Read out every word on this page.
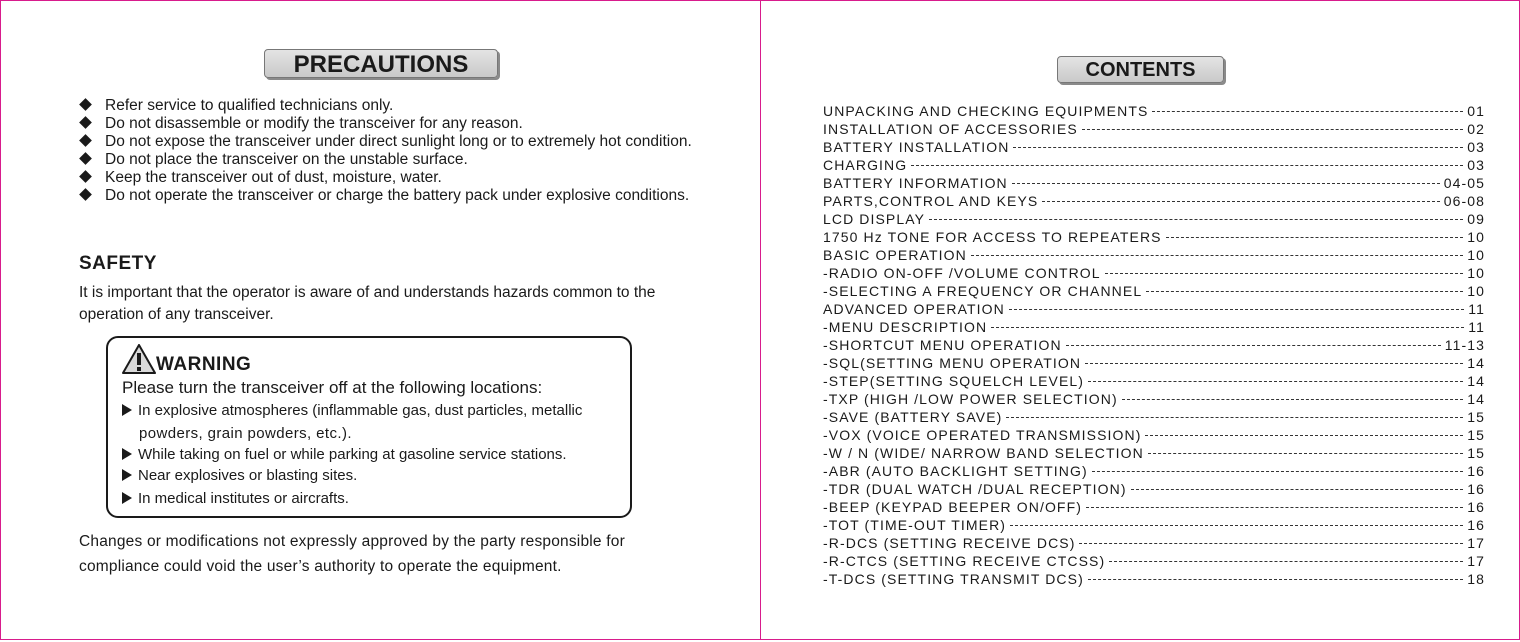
PRECAUTIONS
Refer service to qualified technicians only.
Do not disassemble or modify the transceiver for any reason.
Do not expose the transceiver under direct sunlight long or to extremely hot condition.
Do not place the transceiver on the unstable surface.
Keep the transceiver out of dust, moisture, water.
Do not operate the transceiver or charge the battery pack under explosive conditions.
SAFETY
It is important that the operator is aware of and understands hazards common to the operation of any transceiver.
WARNING
Please turn the transceiver off at the following locations:
In explosive atmospheres (inflammable gas, dust particles, metallic
powders, grain powders, etc.).
While taking on fuel or while parking at gasoline service stations.
Near explosives or blasting sites.
In medical institutes or aircrafts.
Changes or modifications not expressly approved by the party responsible for compliance could void the user’s authority to operate the equipment.
CONTENTS
UNPACKING AND CHECKING EQUIPMENTS	01
INSTALLATION OF ACCESSORIES	02
BATTERY INSTALLATION	03
CHARGING	03
BATTERY INFORMATION	04-05
PARTS,CONTROL AND KEYS	06-08
LCD DISPLAY	09
1750 Hz TONE FOR ACCESS TO REPEATERS	10
BASIC OPERATION	10
-RADIO ON-OFF /VOLUME CONTROL	10
-SELECTING A FREQUENCY OR CHANNEL	10
ADVANCED OPERATION	11
-MENU DESCRIPTION	11
-SHORTCUT MENU OPERATION	11-13
-SQL(SETTING MENU OPERATION	14
-STEP(SETTING SQUELCH LEVEL)	14
-TXP (HIGH /LOW POWER SELECTION)	14
-SAVE (BATTERY SAVE)	15
-VOX (VOICE OPERATED TRANSMISSION)	15
-W / N (WIDE/ NARROW BAND SELECTION	15
-ABR (AUTO BACKLIGHT SETTING)	16
-TDR (DUAL WATCH /DUAL RECEPTION)	16
-BEEP (KEYPAD BEEPER ON/OFF)	16
-TOT (TIME-OUT TIMER)	16
-R-DCS (SETTING RECEIVE DCS)	17
-R-CTCS (SETTING RECEIVE CTCSS)	17
-T-DCS (SETTING TRANSMIT DCS)	18
